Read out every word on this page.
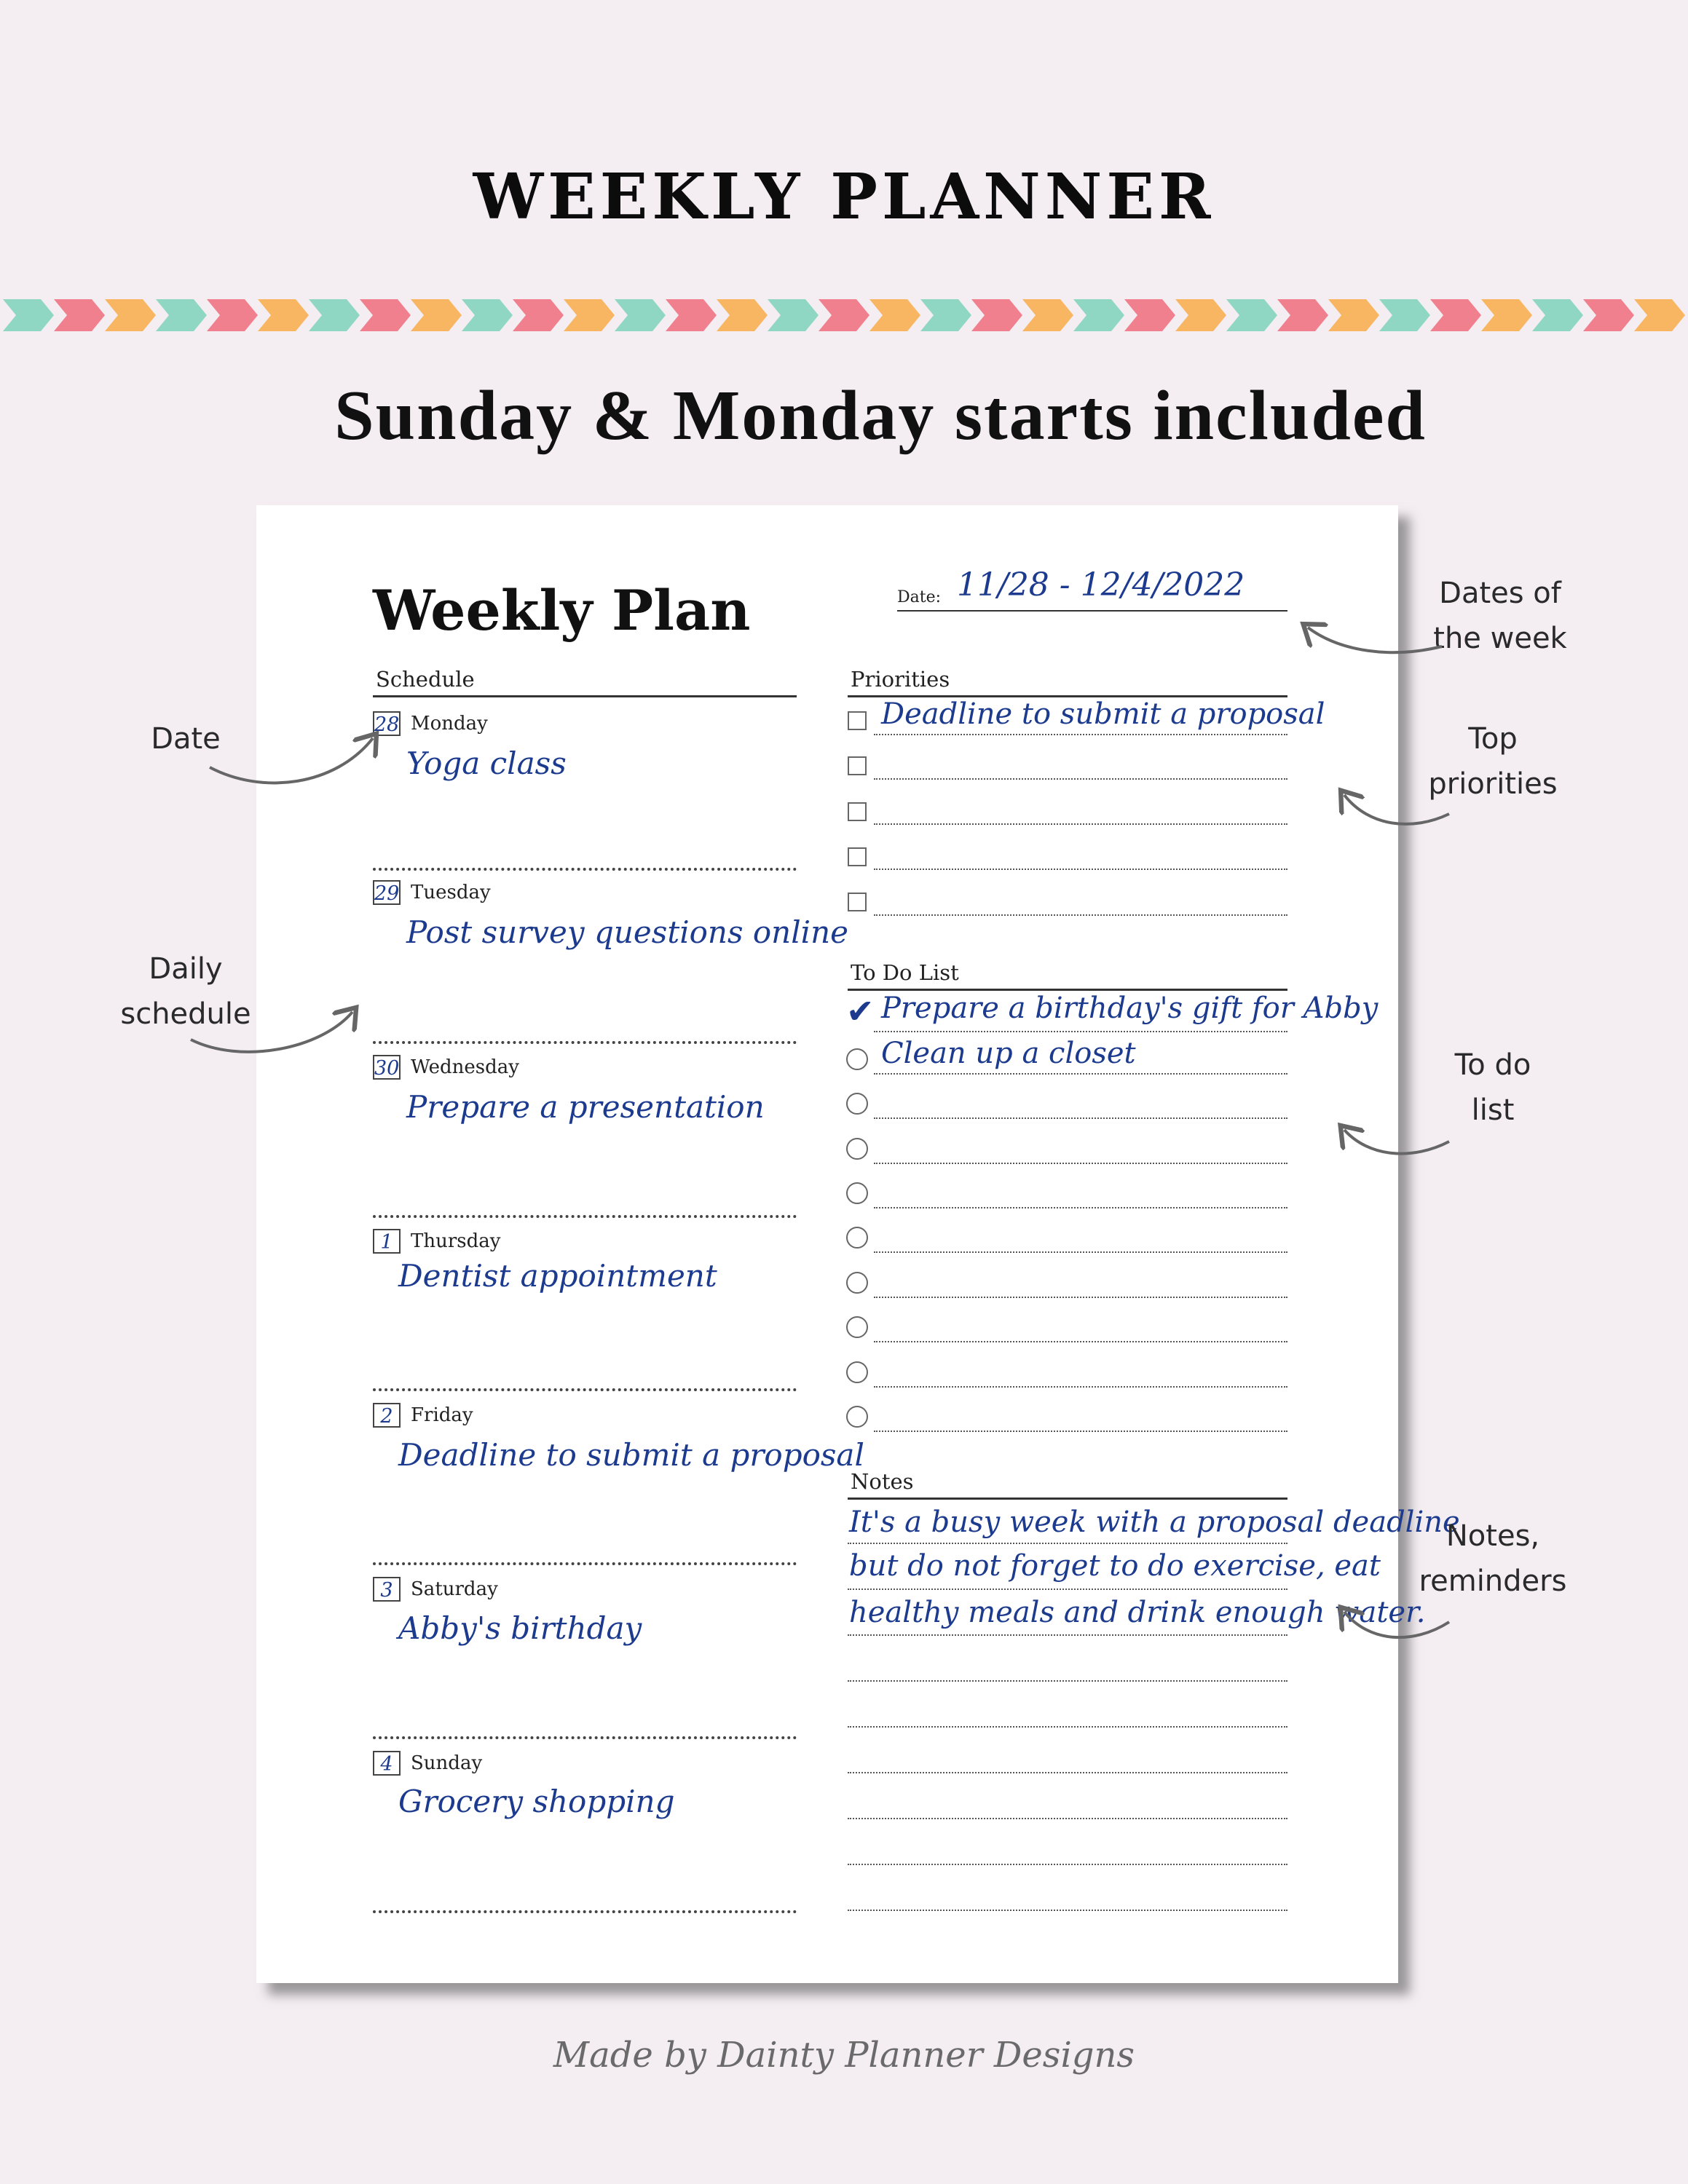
WEEKLY PLANNER
Sunday & Monday starts included
Weekly Plan	Date: 11/28 - 12/4/2022
Schedule
28 Monday
Yoga class
29 Tuesday
Post survey questions online
30 Wednesday
Prepare a presentation
1 Thursday
Dentist appointment
2 Friday
Deadline to submit a proposal
3 Saturday
Abby's birthday
4 Sunday
Grocery shopping
Priorities
Deadline to submit a proposal
To Do List
✔ Prepare a birthday's gift for Abby
Clean up a closet
Notes
It's a busy week with a proposal deadline
but do not forget to do exercise, eat
healthy meals and drink enough water.
Dates of
the week
Date	Top
priorities
Daily
schedule
To do
list
Notes,
reminders
Made by Dainty Planner Designs
